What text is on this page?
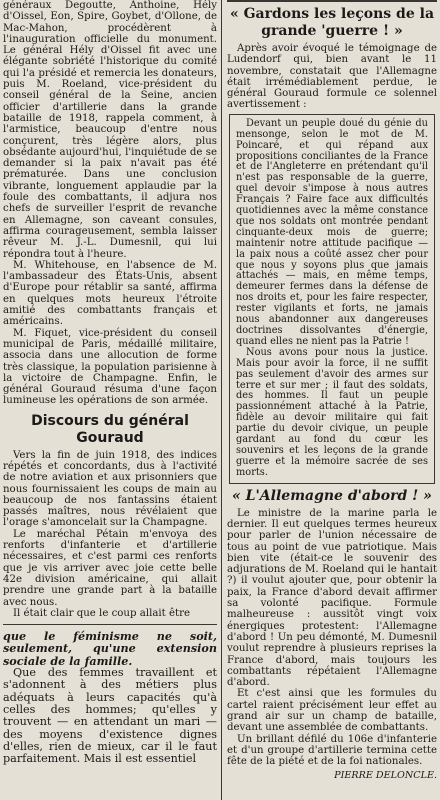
généraux Degoutte, Anthoine, Hély d'Oissel, Eon, Spire, Goybet, d'Ollone, de Mac-Mahon, procédèrent à l'inauguration officielle du monument. Le général Hély d'Oissel fit avec une élégante sobriété l'historique du comité qui l'a présidé et remercia les donateurs, puis M. Roeland, vice-président du conseil général de la Seine, ancien officier d'artillerie dans la grande bataille de 1918, rappela comment, à l'armistice, beaucoup d'entre nous conçurent, très légère alors, plus obsédante aujourd'hui, l'inquiétude de se demander si la paix n'avait pas été prématurée. Dans une conclusion vibrante, longuement applaudie par la foule des combattants, il adjura nos chefs de surveiller l'esprit de revanche en Allemagne, son caveant consules, affirma courageusement, sembla laisser rêveur M. J.-L. Dumesnil, qui lui répondra tout à l'heure.

M. Whitehouse, en l'absence de M. l'ambassadeur des États-Unis, absent d'Europe pour rétablir sa santé, affirma en quelques mots heureux l'étroite amitié des combattants français et américains.

M. Fiquet, vice-président du conseil municipal de Paris, médaillé militaire, associa dans une allocution de forme très classique, la population parisienne à la victoire de Champagne. Enfin, le général Gouraud résuma d'une façon lumineuse les opérations de son armée.

Discours du général Gouraud

Vers la fin de juin 1918, des indices répétés et concordants, dus à l'activité de notre aviation et aux prisonniers que nous fournissaient les coups de main au beaucoup de nos fantassins étaient passés maîtres, nous révélaient que l'orage s'amoncelait sur la Champagne.

Le maréchal Pétain m'envoya des renforts d'infanterie et d'artillerie nécessaires, et c'est parmi ces renforts que je vis arriver avec joie cette belle 42e division américaine, qui allait prendre une grande part à la bataille avec nous.

Il était clair que le coup allait être

que le féminisme ne soit, seulement, qu'une extension sociale de la famille.

Que des femmes travaillent et s'adonnent à des métiers plus adéquats à leurs capacités qu'à celles des hommes; qu'elles y trouvent — en attendant un mari — des moyens d'existence dignes d'elles, rien de mieux, car il le faut parfaitement. Mais il est essentiel

« Gardons les leçons de la grande 'guerre ! »

Après avoir évoqué le témoignage de Ludendorf qui, bien avant le 11 novembre, constatait que l'Allemagne était irrémédiablement perdue, le général Gouraud formule ce solennel avertissement :

Devant un peuple doué du génie du mensonge, selon le mot de M. Poincaré, et qui répand aux propositions conciliantes de la France et de l'Angleterre en prétendant qu'il n'est pas responsable de la guerre, quel devoir s'impose à nous autres Français ? Faire face aux difficultés quotidiennes avec la même constance que nos soldats ont montrée pendant cinquante-deux mois de guerre; maintenir notre attitude pacifique — la paix nous a coûté assez cher pour que nous y soyons plus que jamais attachés — mais, en même temps, demeurer fermes dans la défense de nos droits et, pour les faire respecter, rester vigilants et forts, ne jamais nous abandonner aux dangereuses doctrines dissolvantes d'énergie, quand elles ne nient pas la Patrie !

Nous avons pour nous la justice. Mais pour avoir la force, il ne suffit pas seulement d'avoir des armes sur terre et sur mer ; il faut des soldats, des hommes. Il faut un peuple passionnément attaché à la Patrie, fidèle au devoir militaire qui fait partie du devoir civique, un peuple gardant au fond du cœur les souvenirs et les leçons de la grande guerre et la mémoire sacrée de ses morts.

« L'Allemagne d'abord ! »

Le ministre de la marine parla le dernier. Il eut quelques termes heureux pour parler de l'union nécessaire de tous au point de vue patriotique. Mais bien vite (était-ce le souvenir des adjurations de M. Roeland qui le hantait ?) il voulut ajouter que, pour obtenir la paix, la France d'abord devait affirmer sa volonté pacifique. Formule malheureuse : aussitôt vingt voix énergiques protestent: l'Allemagne d'abord ! Un peu démonté, M. Dumesnil voulut reprendre à plusieurs reprises la France d'abord, mais toujours les combattants répétaient l'Allemagne d'abord.

Et c'est ainsi que les formules du cartel raient précisément leur effet au grand air sur un champ de bataille, devant une assemblée de combattants.

Un brillant défilé du 106e d'infanterie et d'un groupe d'artillerie termina cette fête de la piété et de la foi nationales.

PIERRE DELONCLE.
